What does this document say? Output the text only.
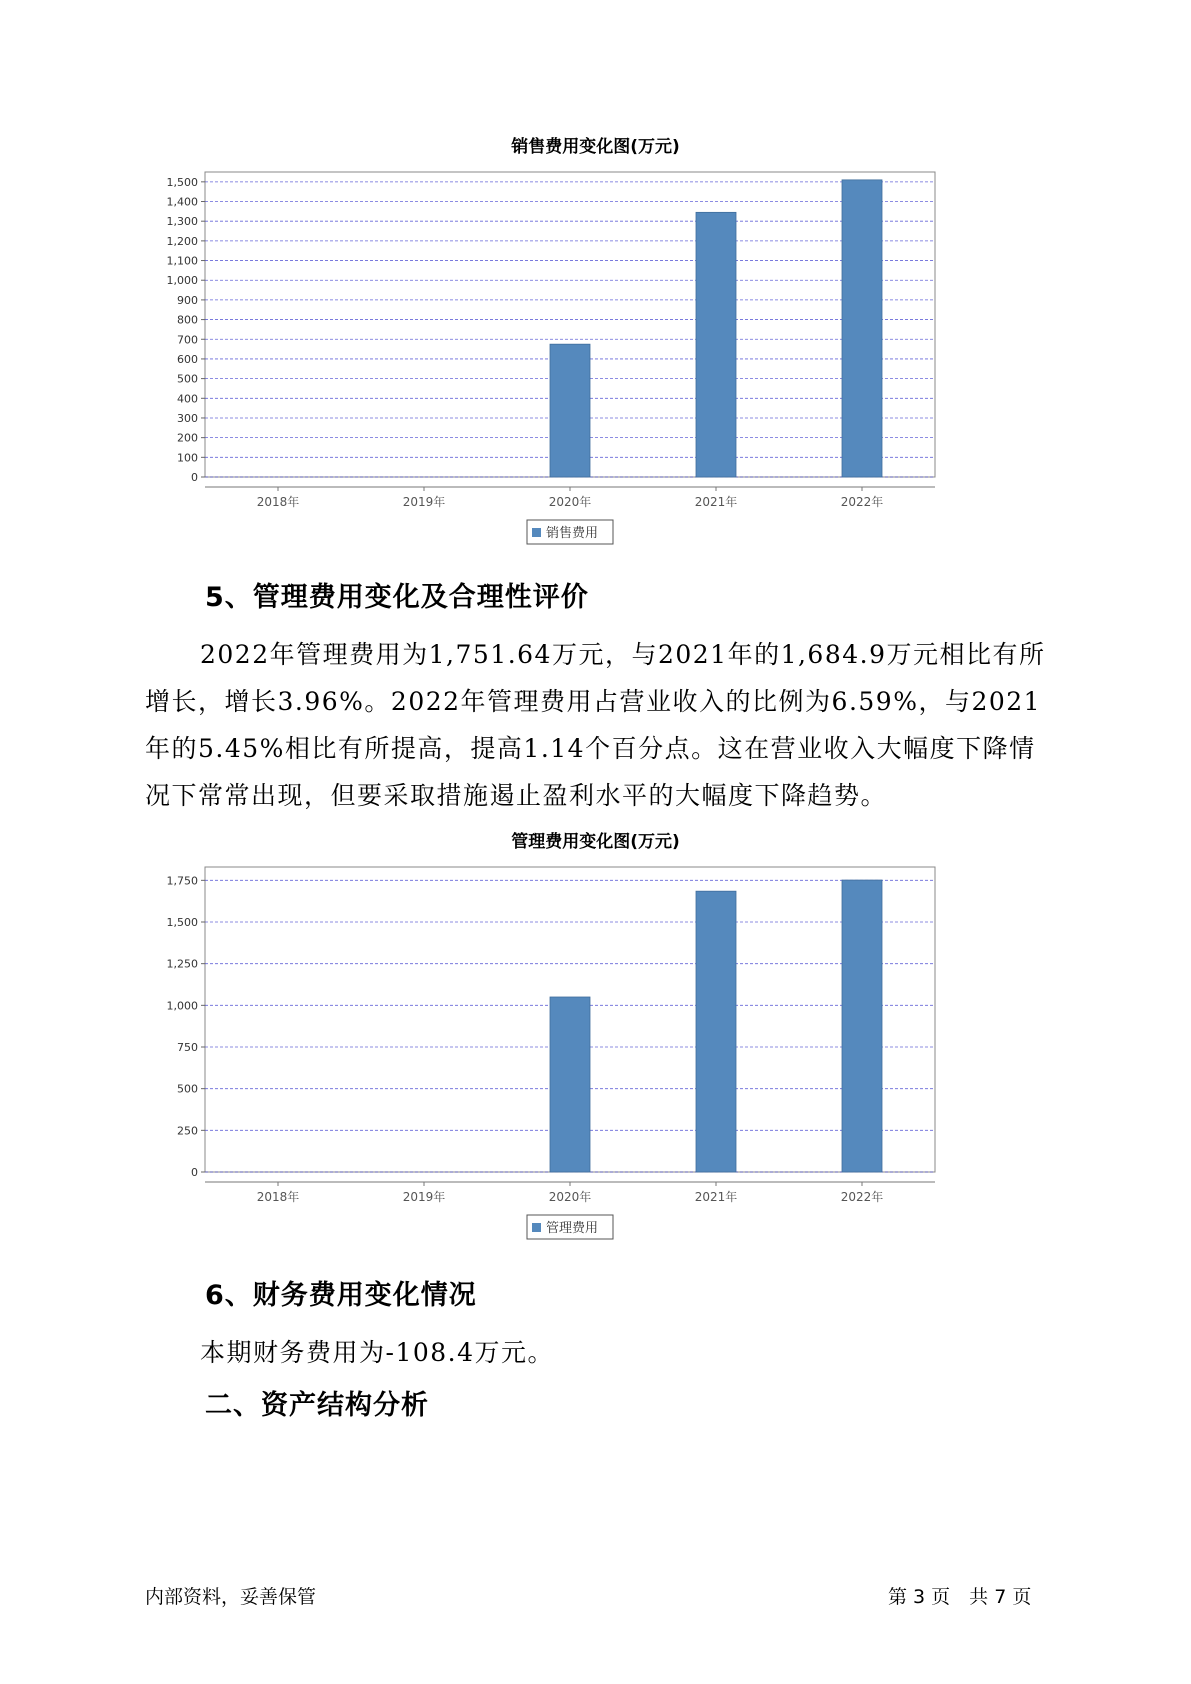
销售费用变化图(万元)
0
100
200
300
400
500
600
700
800
900
1,000
1,100
1,200
1,300
1,400
1,500
2018年	2019年	2020年	2021年	2022年
销售费用
5、管理费用变化及合理性评价

2022年管理费用为1,751.64万元，与2021年的1,684.9万元相比有所增长，增长3.96%。2022年管理费用占营业收入的比例为6.59%，与2021年的5.45%相比有所提高，提高1.14个百分点。这在营业收入大幅度下降情况下常常出现，但要采取措施遏止盈利水平的大幅度下降趋势。

管理费用变化图(万元)
0
250
500
750
1,000
1,250
1,500
1,750
2018年	2019年	2020年	2021年	2022年
管理费用
6、财务费用变化情况

本期财务费用为-108.4万元。

二、资产结构分析
内部资料，妥善保管	第 3 页　共 7 页
